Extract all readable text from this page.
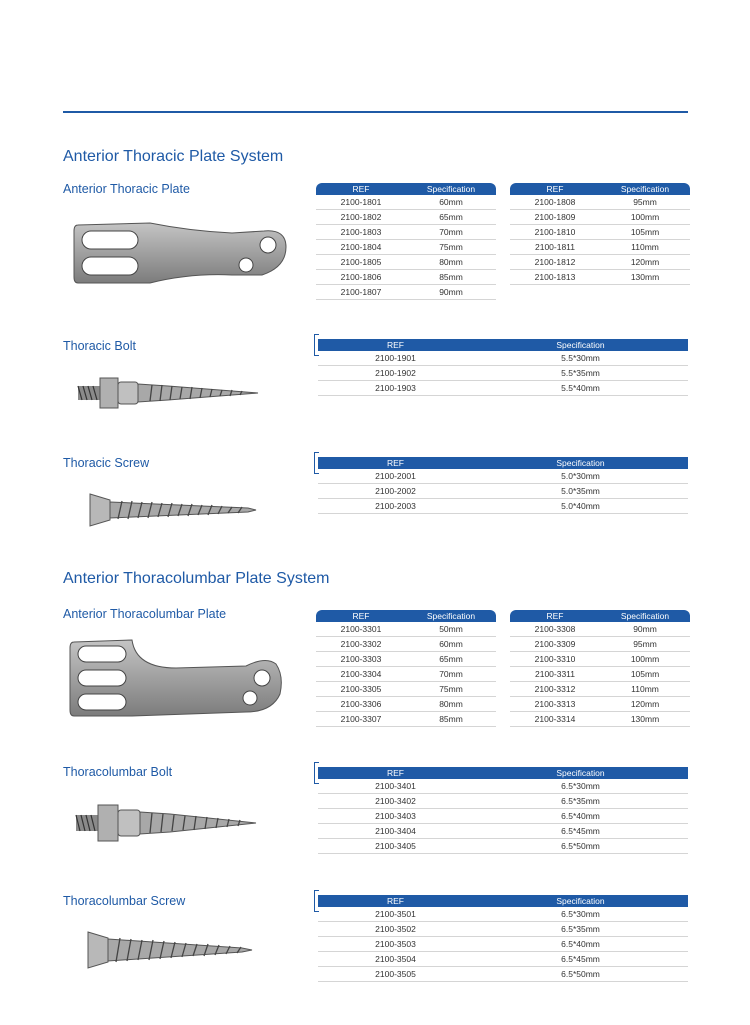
Anterior Thoracic Plate System
Anterior Thoracolumbar Plate System
Anterior Thoracic Plate
Thoracic Bolt
Thoracic Screw
Anterior Thoracolumbar Plate
Thoracolumbar Bolt
Thoracolumbar Screw
REF	Specification
2100-1801	60mm
2100-1802	65mm
2100-1803	70mm
2100-1804	75mm
2100-1805	80mm
2100-1806	85mm
2100-1807	90mm
REF	Specification
2100-1808	95mm
2100-1809	100mm
2100-1810	105mm
2100-1811	110mm
2100-1812	120mm
2100-1813	130mm
REF	Specification
2100-1901	5.5*30mm
2100-1902	5.5*35mm
2100-1903	5.5*40mm
REF	Specification
2100-2001	5.0*30mm
2100-2002	5.0*35mm
2100-2003	5.0*40mm
REF	Specification
2100-3301	50mm
2100-3302	60mm
2100-3303	65mm
2100-3304	70mm
2100-3305	75mm
2100-3306	80mm
2100-3307	85mm
REF	Specification
2100-3308	90mm
2100-3309	95mm
2100-3310	100mm
2100-3311	105mm
2100-3312	110mm
2100-3313	120mm
2100-3314	130mm
REF	Specification
2100-3401	6.5*30mm
2100-3402	6.5*35mm
2100-3403	6.5*40mm
2100-3404	6.5*45mm
2100-3405	6.5*50mm
REF	Specification
2100-3501	6.5*30mm
2100-3502	6.5*35mm
2100-3503	6.5*40mm
2100-3504	6.5*45mm
2100-3505	6.5*50mm
